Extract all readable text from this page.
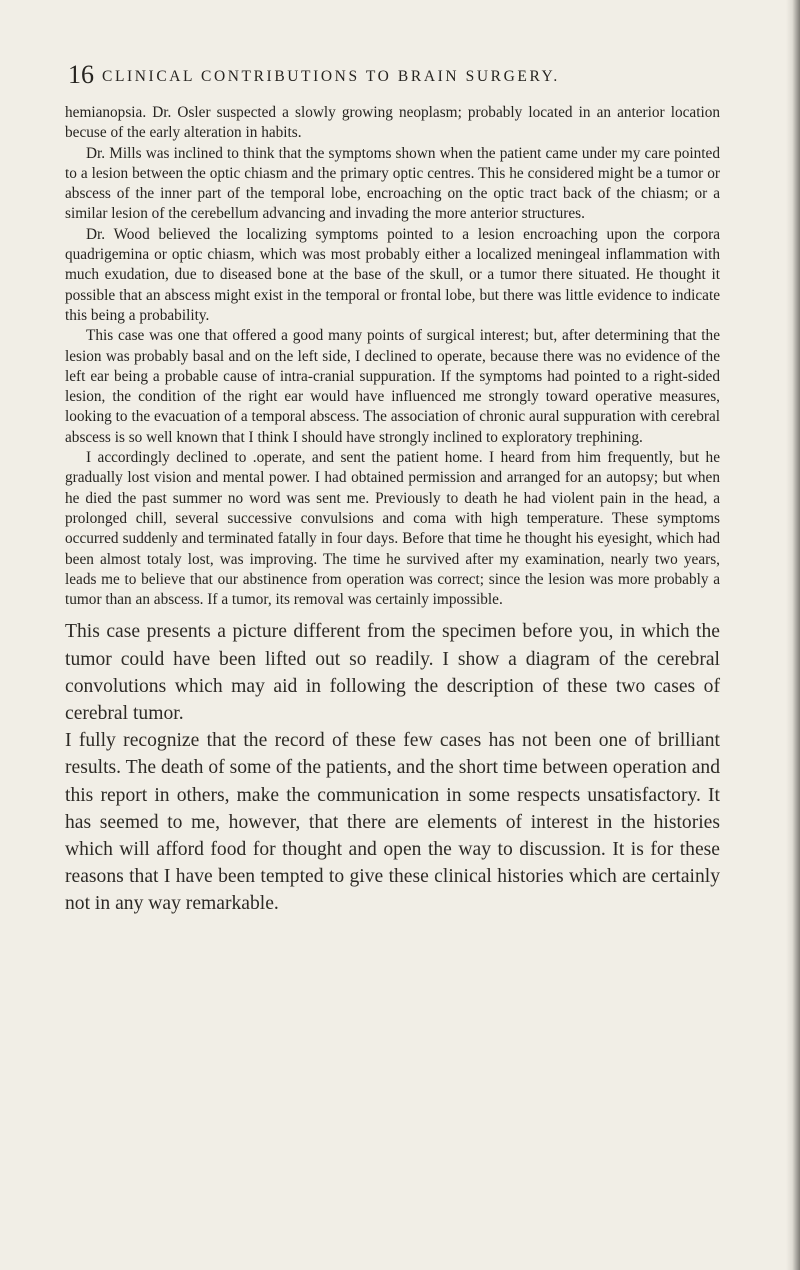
16 CLINICAL CONTRIBUTIONS TO BRAIN SURGERY.

hemianopsia. Dr. Osler suspected a slowly growing neoplasm; probably located in an anterior location becuse of the early alteration in habits.

Dr. Mills was inclined to think that the symptoms shown when the patient came under my care pointed to a lesion between the optic chiasm and the primary optic centres. This he considered might be a tumor or abscess of the inner part of the temporal lobe, encroaching on the optic tract back of the chiasm; or a similar lesion of the cerebellum advancing and invading the more anterior structures.

Dr. Wood believed the localizing symptoms pointed to a lesion encroaching upon the corpora quadrigemina or optic chiasm, which was most probably either a localized meningeal inflammation with much exudation, due to diseased bone at the base of the skull, or a tumor there situated. He thought it possible that an abscess might exist in the temporal or frontal lobe, but there was little evidence to indicate this being a probability.

This case was one that offered a good many points of surgical interest; but, after determining that the lesion was probably basal and on the left side, I declined to operate, because there was no evidence of the left ear being a probable cause of intra-cranial suppuration. If the symptoms had pointed to a right-sided lesion, the condition of the right ear would have influenced me strongly toward operative measures, looking to the evacuation of a temporal abscess. The association of chronic aural suppuration with cerebral abscess is so well known that I think I should have strongly inclined to exploratory trephining.

I accordingly declined to .operate, and sent the patient home. I heard from him frequently, but he gradually lost vision and mental power. I had obtained permission and arranged for an autopsy; but when he died the past summer no word was sent me. Previously to death he had violent pain in the head, a prolonged chill, several successive convulsions and coma with high temperature. These symptoms occurred suddenly and terminated fatally in four days. Before that time he thought his eyesight, which had been almost totaly lost, was improving. The time he survived after my examination, nearly two years, leads me to believe that our abstinence from operation was correct; since the lesion was more probably a tumor than an abscess. If a tumor, its removal was certainly impossible.

This case presents a picture different from the specimen before you, in which the tumor could have been lifted out so readily. I show a diagram of the cerebral convolutions which may aid in following the description of these two cases of cerebral tumor.

I fully recognize that the record of these few cases has not been one of brilliant results. The death of some of the patients, and the short time between operation and this report in others, make the communication in some respects unsatisfactory. It has seemed to me, however, that there are elements of interest in the histories which will afford food for thought and open the way to discussion. It is for these reasons that I have been tempted to give these clinical histories which are certainly not in any way remarkable.
